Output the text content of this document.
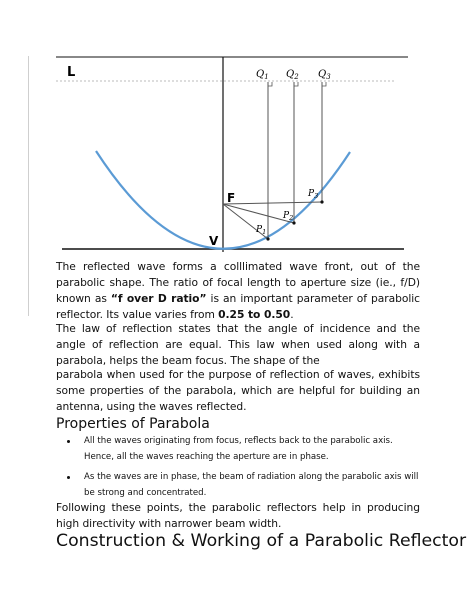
L
F
V
$Q_1$ $Q_2$ $Q_3$
$P_1$
$P_2$
$P_3$
The reflected wave forms a colllimated wave front, out of the parabolic shape. The ratio of focal length to aperture size (ie., f/D) known as “f over D ratio” is an important parameter of parabolic reflector. Its value varies from 0.25 to 0.50.
The law of reflection states that the angle of incidence and the angle of reflection are equal. This law when used along with a parabola, helps the beam focus. The shape of the
parabola when used for the purpose of reflection of waves, exhibits some properties of the parabola, which are helpful for building an antenna, using the waves reflected.
Properties of Parabola
All the waves originating from focus, reflects back to the parabolic axis. Hence, all the waves reaching the aperture are in phase.
As the waves are in phase, the beam of radiation along the parabolic axis will be strong and concentrated.
Following these points, the parabolic reflectors help in producing high directivity with narrower beam width.
Construction & Working of a Parabolic Reflector
